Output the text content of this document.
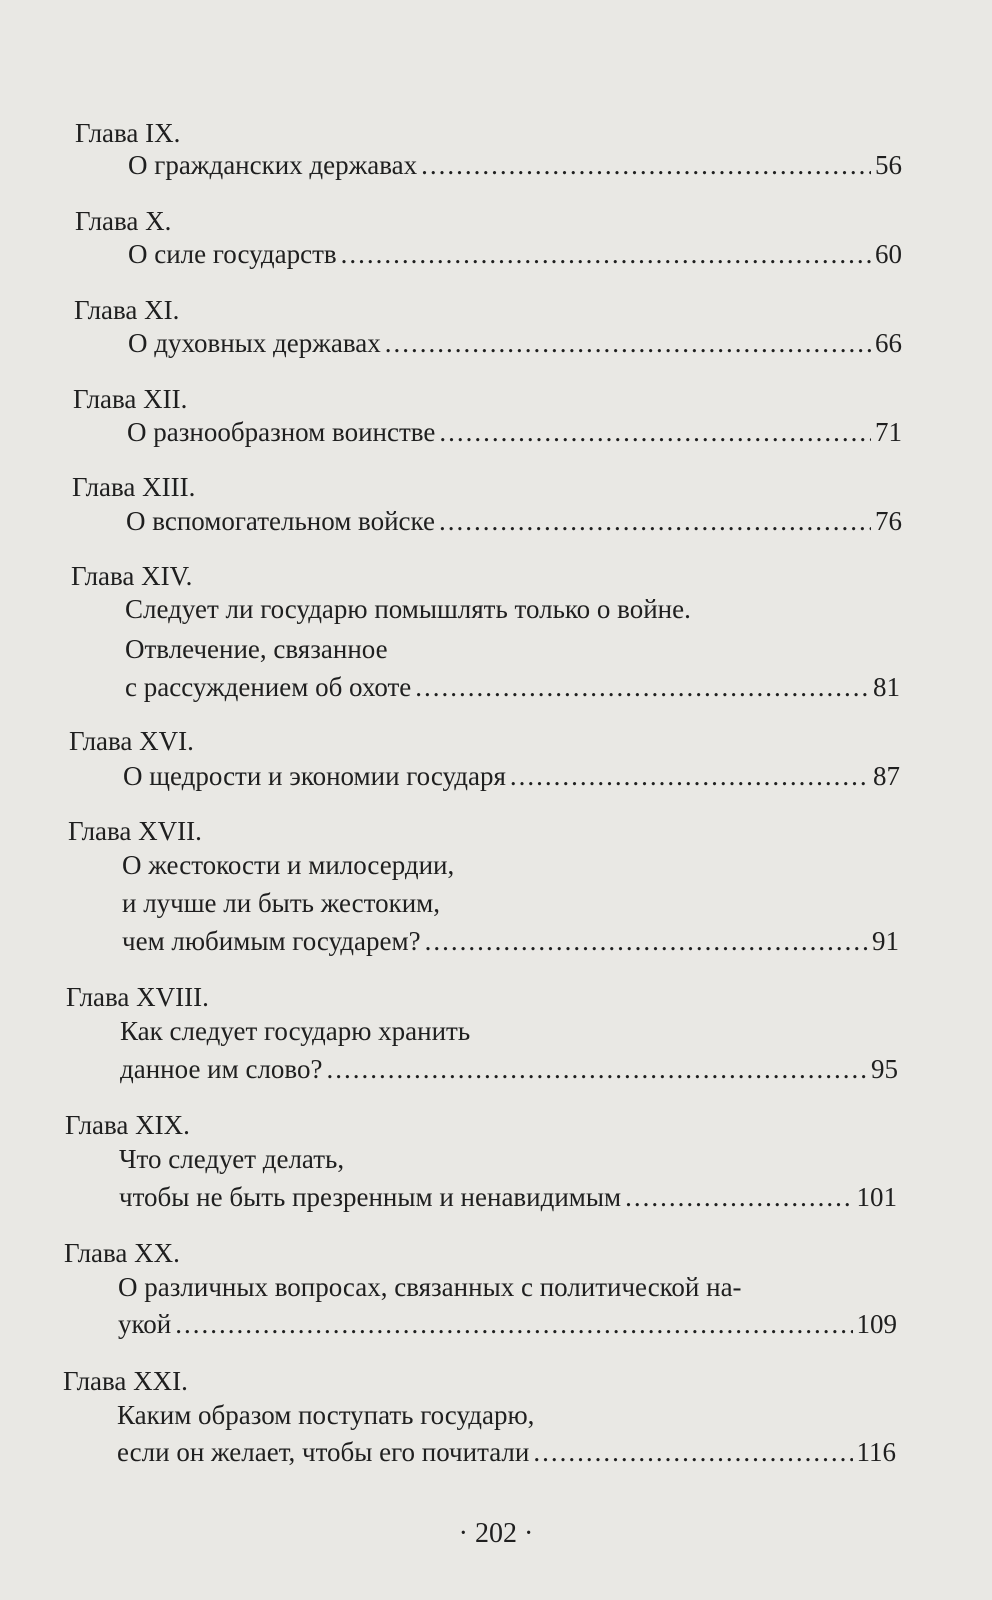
Глава IX.
О гражданских державах .....	56
Глава X.
О силе государств .....	60
Глава XI.
О духовных державах .....	66
Глава XII.
О разнообразном воинстве .....	71
Глава XIII.
О вспомогательном войске .....	76
Глава XIV.
Следует ли государю помышлять только о войне.
Отвлечение, связанное
с рассуждением об охоте .....	81
Глава XVI.
О щедрости и экономии государя .....	87
Глава XVII.
О жестокости и милосердии,
и лучше ли быть жестоким,
чем любимым государем? .....	91
Глава XVIII.
Как следует государю хранить
данное им слово? .....	95
Глава XIX.
Что следует делать,
чтобы не быть презренным и ненавидимым .....	101
Глава XX.
О различных вопросах, связанных с политической на-
укой .....	109
Глава XXI.
Каким образом поступать государю,
если он желает, чтобы его почитали .....	116
· 202 ·
